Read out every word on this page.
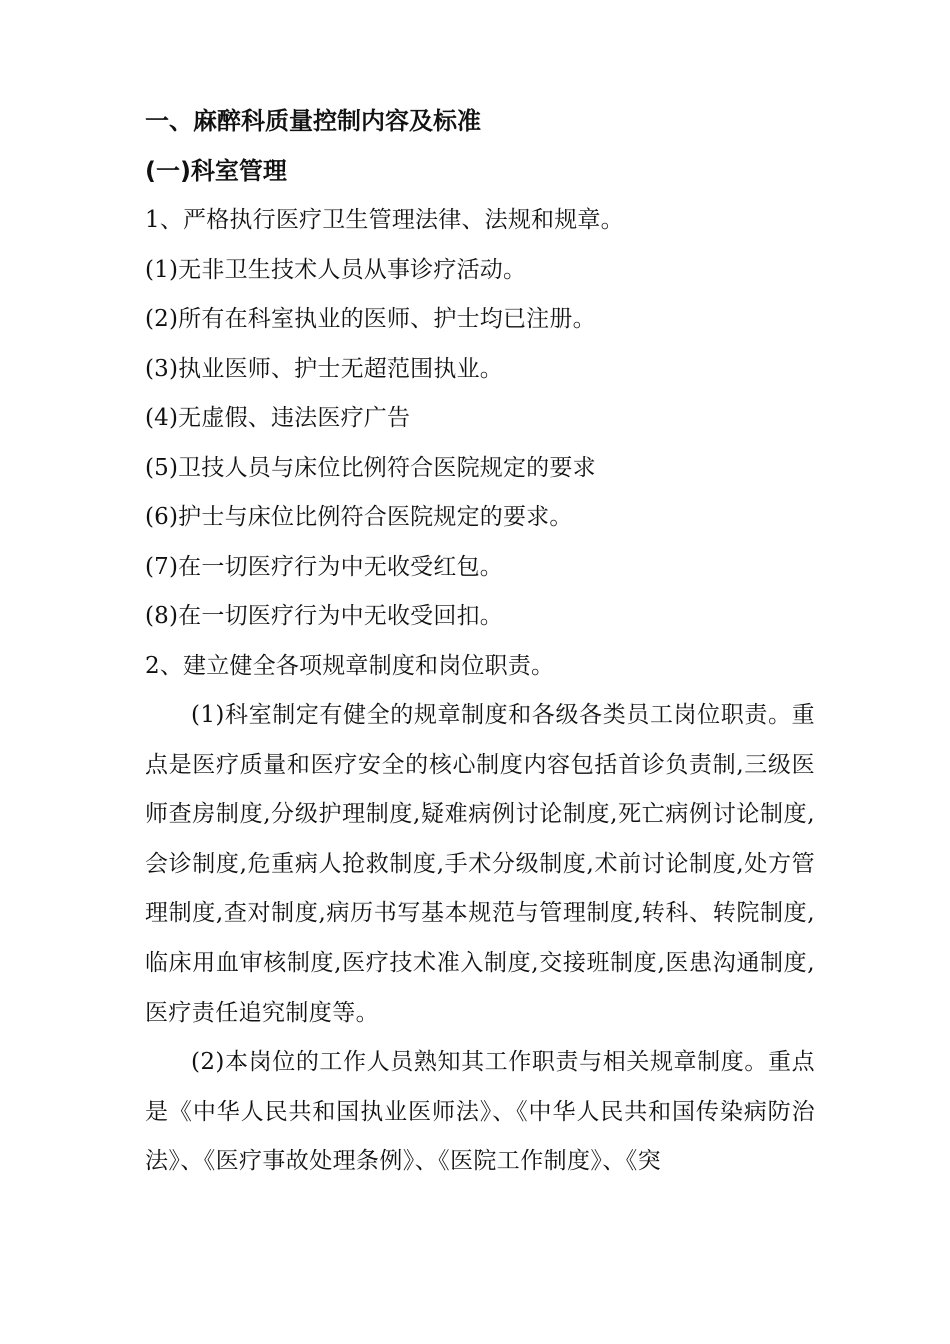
一、麻醉科质量控制内容及标准

(一)科室管理

1、严格执行医疗卫生管理法律、法规和规章。

(1)无非卫生技术人员从事诊疗活动。

(2)所有在科室执业的医师、护士均已注册。

(3)执业医师、护士无超范围执业。

(4)无虚假、违法医疗广告

(5)卫技人员与床位比例符合医院规定的要求

(6)护士与床位比例符合医院规定的要求。

(7)在一切医疗行为中无收受红包。

(8)在一切医疗行为中无收受回扣。

2、建立健全各项规章制度和岗位职责。

(1)科室制定有健全的规章制度和各级各类员工岗位职责。重点是医疗质量和医疗安全的核心制度内容包括首诊负责制,三级医师查房制度,分级护理制度,疑难病例讨论制度,死亡病例讨论制度,会诊制度,危重病人抢救制度,手术分级制度,术前讨论制度,处方管理制度,查对制度,病历书写基本规范与管理制度,转科、转院制度,临床用血审核制度,医疗技术准入制度,交接班制度,医患沟通制度,医疗责任追究制度等。

(2)本岗位的工作人员熟知其工作职责与相关规章制度。重点是《中华人民共和国执业医师法》、《中华人民共和国传染病防治法》、《医疗事故处理条例》、《医院工作制度》、《突
